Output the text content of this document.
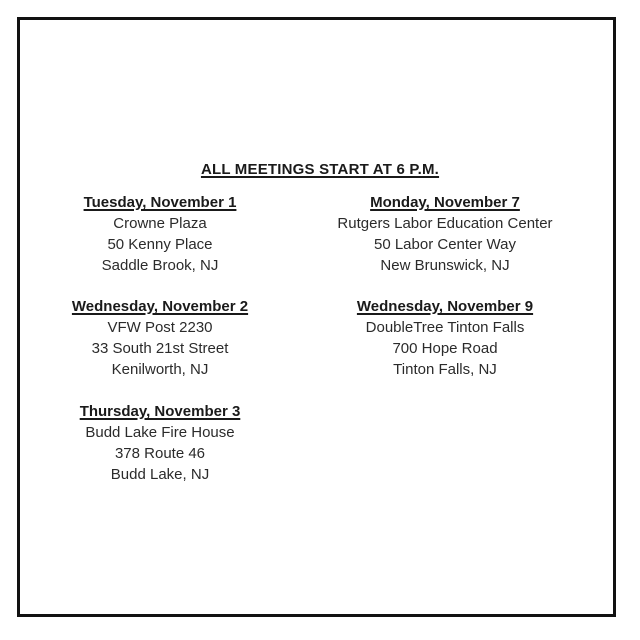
ALL MEETINGS START AT 6 P.M.
Tuesday, November 1
Crowne Plaza
50 Kenny Place
Saddle Brook, NJ
Monday, November 7
Rutgers Labor Education Center
50 Labor Center Way
New Brunswick, NJ
Wednesday, November 2
VFW Post 2230
33 South 21st Street
Kenilworth, NJ
Wednesday, November 9
DoubleTree Tinton Falls
700 Hope Road
Tinton Falls, NJ
Thursday, November 3
Budd Lake Fire House
378 Route 46
Budd Lake, NJ
